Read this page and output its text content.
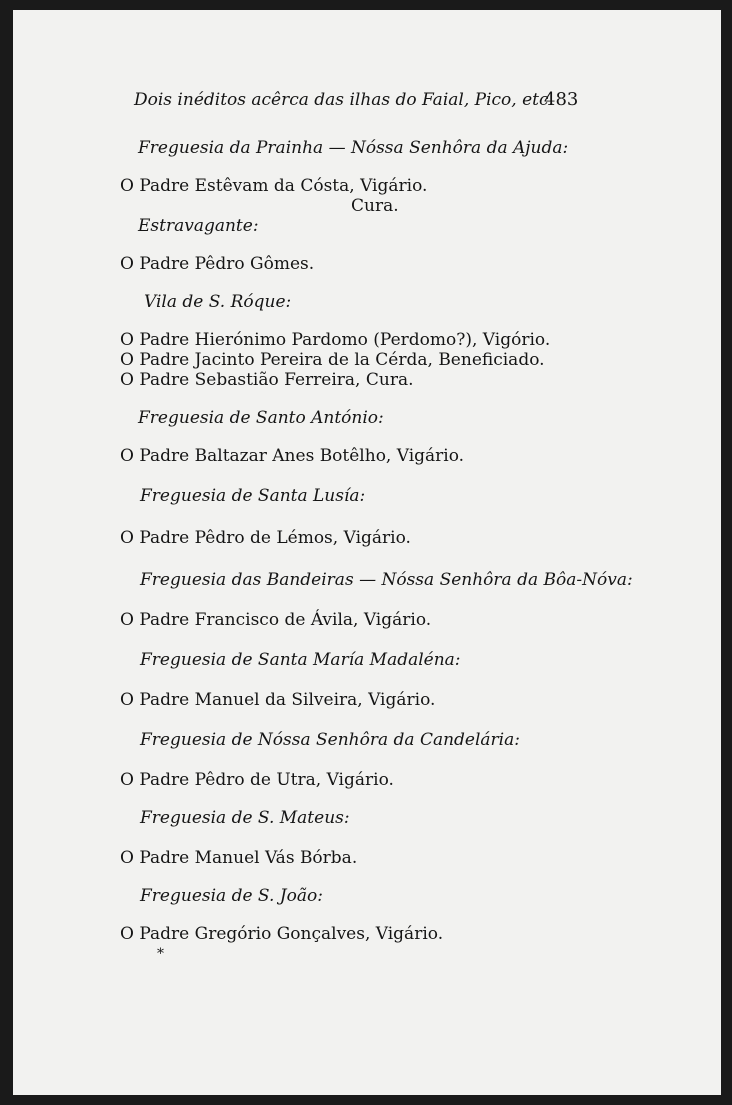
Dois inéditos acêrca das ilhas do Faial, Pico, etc.
483
Freguesia da Prainha — Nóssa Senhôra da Ajuda:
O Padre Estêvam da Cósta, Vigário.
Cura.
Estravagante:
O Padre Pêdro Gômes.
Vila de S. Róque:
O Padre Hierónimo Pardomo (Perdomo?), Vigório.
O Padre Jacinto Pereira de la Cérda, Beneficiado.
O Padre Sebastião Ferreira, Cura.
Freguesia de Santo António:
O Padre Baltazar Anes Botêlho, Vigário.
Freguesia de Santa Lusía:
O Padre Pêdro de Lémos, Vigário.
Freguesia das Bandeiras — Nóssa Senhôra da Bôa-Nóva:
O Padre Francisco de Ávila, Vigário.
Freguesia de Santa María Madaléna:
O Padre Manuel da Silveira, Vigário.
Freguesia de Nóssa Senhôra da Candelária:
O Padre Pêdro de Utra, Vigário.
Freguesia de S. Mateus:
O Padre Manuel Vás Bórba.
Freguesia de S. João:
O Padre Gregório Gonçalves, Vigário.
*
